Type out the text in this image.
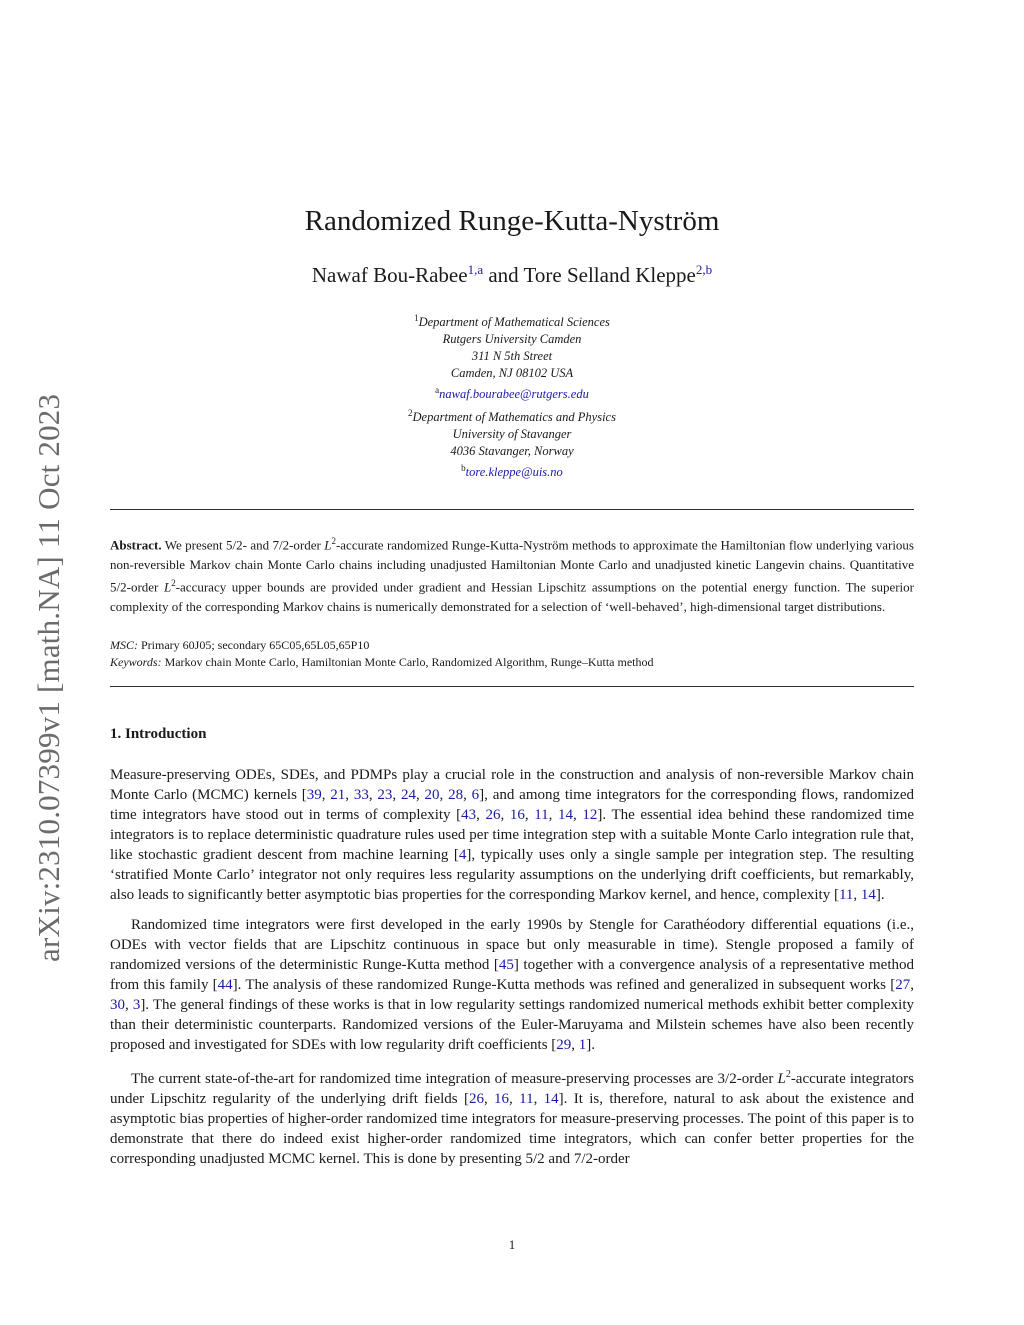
arXiv:2310.07399v1 [math.NA] 11 Oct 2023
Randomized Runge-Kutta-Nyström
Nawaf Bou-Rabee$^{1,a}$ and Tore Selland Kleppe$^{2,b}$
$^1$Department of Mathematical Sciences
Rutgers University Camden
311 N 5th Street
Camden, NJ 08102 USA
$^a$nawaf.bourabee@rutgers.edu
$^2$Department of Mathematics and Physics
University of Stavanger
4036 Stavanger, Norway
$^b$tore.kleppe@uis.no
Abstract. We present 5/2- and 7/2-order $L^2$-accurate randomized Runge-Kutta-Nyström methods to approximate the Hamiltonian flow underlying various non-reversible Markov chain Monte Carlo chains including unadjusted Hamiltonian Monte Carlo and unadjusted kinetic Langevin chains. Quantitative 5/2-order $L^2$-accuracy upper bounds are provided under gradient and Hessian Lipschitz assumptions on the potential energy function. The superior complexity of the corresponding Markov chains is numerically demonstrated for a selection of ‘well-behaved’, high-dimensional target distributions.
MSC: Primary 60J05; secondary 65C05,65L05,65P10
Keywords: Markov chain Monte Carlo, Hamiltonian Monte Carlo, Randomized Algorithm, Runge–Kutta method
1. Introduction

Measure-preserving ODEs, SDEs, and PDMPs play a crucial role in the construction and analysis of non-reversible Markov chain Monte Carlo (MCMC) kernels [39, 21, 33, 23, 24, 20, 28, 6], and among time integrators for the corresponding flows, randomized time integrators have stood out in terms of complexity [43, 26, 16, 11, 14, 12]. The essential idea behind these randomized time integrators is to replace deterministic quadrature rules used per time integration step with a suitable Monte Carlo integration rule that, like stochastic gradient descent from machine learning [4], typically uses only a single sample per integration step. The resulting ‘stratified Monte Carlo’ integrator not only requires less regularity assumptions on the underlying drift coefficients, but remarkably, also leads to significantly better asymptotic bias properties for the corresponding Markov kernel, and hence, complexity [11, 14].

Randomized time integrators were first developed in the early 1990s by Stengle for Carathéodory differential equations (i.e., ODEs with vector fields that are Lipschitz continuous in space but only measurable in time). Stengle proposed a family of randomized versions of the deterministic Runge-Kutta method [45] together with a convergence analysis of a representative method from this family [44]. The analysis of these randomized Runge-Kutta methods was refined and generalized in subsequent works [27, 30, 3]. The general findings of these works is that in low regularity settings randomized numerical methods exhibit better complexity than their deterministic counterparts. Randomized versions of the Euler-Maruyama and Milstein schemes have also been recently proposed and investigated for SDEs with low regularity drift coefficients [29, 1].

The current state-of-the-art for randomized time integration of measure-preserving processes are 3/2-order $L^2$-accurate integrators under Lipschitz regularity of the underlying drift fields [26, 16, 11, 14]. It is, therefore, natural to ask about the existence and asymptotic bias properties of higher-order randomized time integrators for measure-preserving processes. The point of this paper is to demonstrate that there do indeed exist higher-order randomized time integrators, which can confer better properties for the corresponding unadjusted MCMC kernel. This is done by presenting 5/2 and 7/2-order

1
